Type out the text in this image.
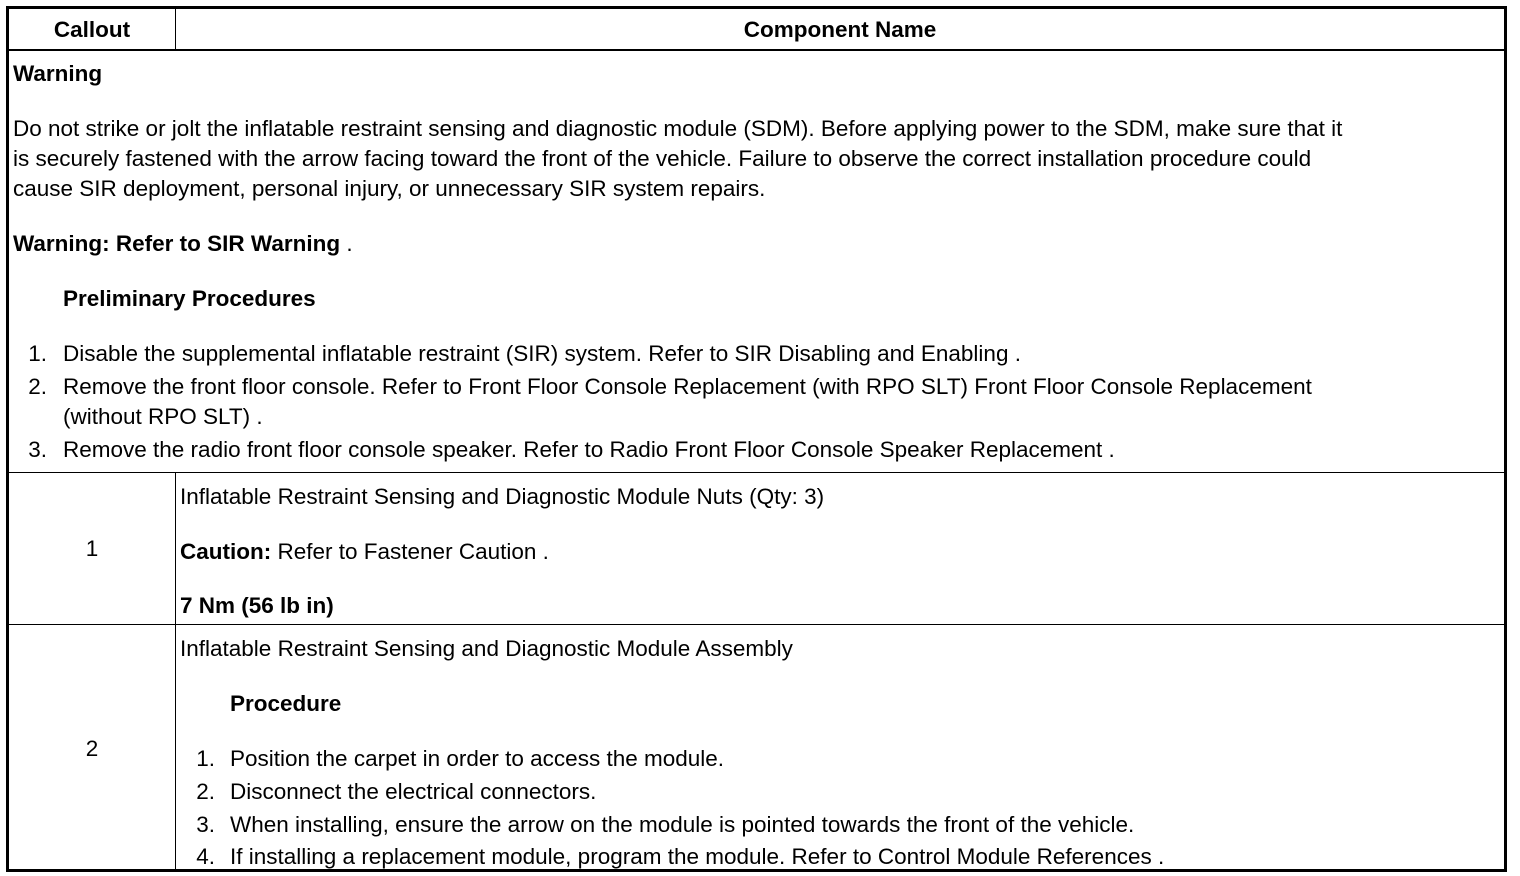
Callout	Component Name
Warning
Do not strike or jolt the inflatable restraint sensing and diagnostic module (SDM). Before applying power to the SDM, make sure that it
is securely fastened with the arrow facing toward the front of the vehicle. Failure to observe the correct installation procedure could
cause SIR deployment, personal injury, or unnecessary SIR system repairs.
Warning: Refer to SIR Warning .
Preliminary Procedures
1. Disable the supplemental inflatable restraint (SIR) system. Refer to SIR Disabling and Enabling .
2. Remove the front floor console. Refer to Front Floor Console Replacement (with RPO SLT) Front Floor Console Replacement
(without RPO SLT) .
3. Remove the radio front floor console speaker. Refer to Radio Front Floor Console Speaker Replacement .
1
Inflatable Restraint Sensing and Diagnostic Module Nuts (Qty: 3)
Caution: Refer to Fastener Caution .
7 Nm (56 lb in)
2
Inflatable Restraint Sensing and Diagnostic Module Assembly
Procedure
1. Position the carpet in order to access the module.
2. Disconnect the electrical connectors.
3. When installing, ensure the arrow on the module is pointed towards the front of the vehicle.
4. If installing a replacement module, program the module. Refer to Control Module References .
